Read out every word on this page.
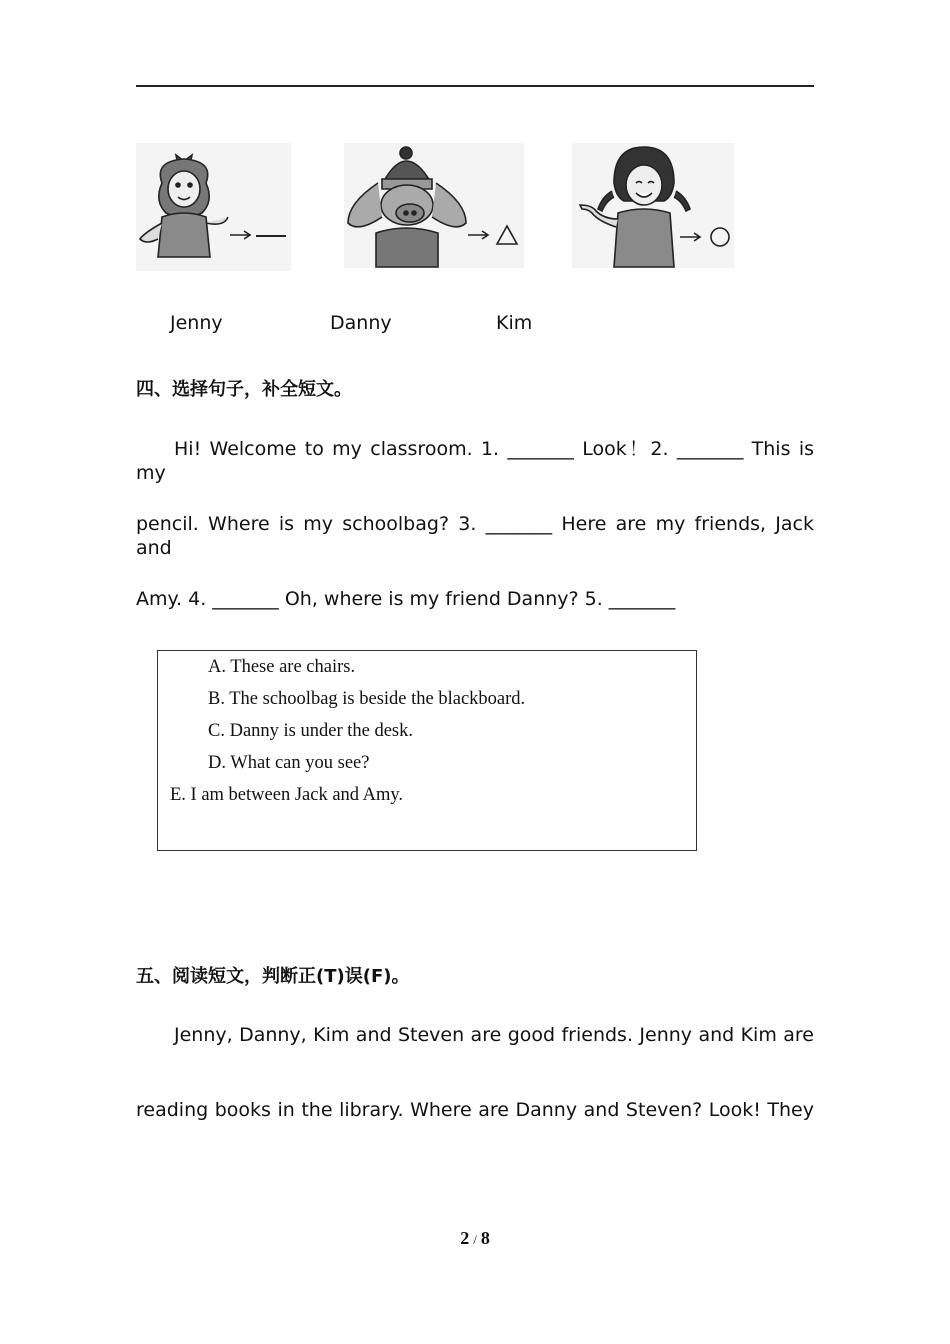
Jenny	Danny	Kim
四、选择句子，补全短文。
Hi! Welcome to my classroom. 1. _______ Look！2. _______ This is my
pencil. Where is my schoolbag? 3. _______ Here are my friends, Jack and
Amy. 4. _______ Oh, where is my friend Danny? 5. _______
A. These are chairs.
B. The schoolbag is beside the blackboard.
C. Danny is under the desk.
D. What can you see?
E. I am between Jack and Amy.
五、阅读短文，判断正(T)误(F)。
Jenny, Danny, Kim and Steven are good friends. Jenny and Kim are
reading books in the library. Where are Danny and Steven? Look! They
2 / 8
